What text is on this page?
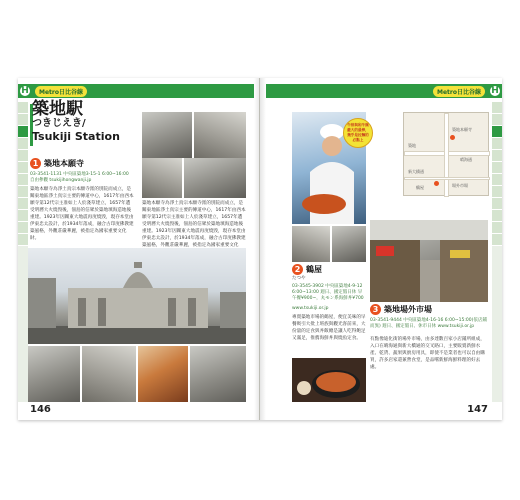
H	Metro日比谷線
築地駅
つきじえき/
Tsukiji Station
1 築地本願寺
03-3541-1131 中央區築地3-15-1 6:00~16:00 自由參觀 tsukijihongwanji.jp
築地本願寺為淨土真宗本願寺派的別院而成立，是關東地區淨土真宗主要的傳道中心，1617年由西本願寺第12代宗主准如上人於淺草建立，1657年遭受明曆大火燒毀後，佃島的信眾於築地填海造地後重建。1923年因關東大地震再度燒毀，現存本堂由伊東忠太設計，於1934年落成，融合古印度佛教建築風格，外觀莊嚴華麗，被指定為國家重要文化財。
築地本願寺為淨土真宗本願寺派的別院而成立，是關東地區淨土真宗主要的傳道中心，1617年由西本願寺第12代宗主准如上人於淺草建立，1657年遭受明曆大火燒毀後，佃島的信眾於築地填海造地後重建。1923年因關東大地震再度燒毀，現存本堂由伊東忠太設計，於1934年落成，融合古印度佛教建築風格，外觀莊嚴華麗，被指定為國家重要文化
146
牛排與和牛無敵大的最棒，幾乎是拉麵的必點上
築地
築地本願寺
晴海通
新大橋通
場外市場
鶴屋
2 鶴屋
たつや
03-3545-3902 中央區築地4-9-12 6:00~13:00 週日、國定假日休 早午餐¥900~，丸モン系海鮮丼¥700
www.tsukiji.or.jp
專賣築地市場的鶴屋，便宜美味的早餐吸引大批上班族與觀光客前來，大份量的定食與丼飯總是讓人吃得飽足又滿足，推薦海鮮丼與燒魚定食。
3 築地場外市場
03-3541-9444 中央區築地4-16-16 6:00~15:00(依店鋪而異) 週日、國定假日、休市日休 www.tsukiji.or.jp
有點像迪化街的場外市場，由多達數百家小店鋪所組成，入口在晴海通與新大橋通的交叉路口，主要販賣新鮮水產、乾貨、蔬果與廚房用具，即使不是業者也可以自由購買，許多店家還兼營食堂，是品嚐新鮮海鮮料理的好去處。
147
Metro日比谷線	H
